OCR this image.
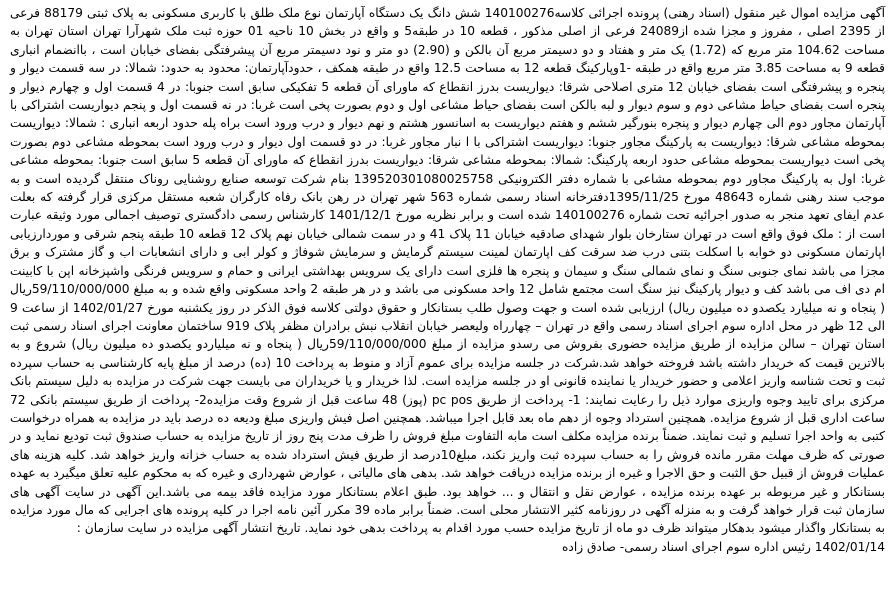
آگهی مزایده اموال غیر منقول (اسناد رهنی) پرونده اجرائی کلاسه140100276 شش دانگ یک دستگاه آپارتمان نوع ملک طلق با کاربری مسکونی به پلاک ثبتی 88179 فرعی از 2395 اصلی ، مفروز و مجزا شده از24089 فرعی از اصلی مذکور ، قطعه 10 در طبقه5 و واقع در بخش 10 ناحیه 01 حوزه ثبت ملک شهرآرا تهران استان تهران به مساحت 104.62 متر مربع که (1.72) یک متر و هفتاد و دو دسیمتر مربع آن بالکن و (2.90) دو متر و نود دسیمتر مربع آن پیشرفتگی بفضای خیابان است ، باانضمام انباری قطعه 9 به مساحت 3.85 متر مربع واقع در طبقه -1وپارکینگ قطعه 12 به مساحت 12.5 واقع در طبقه همکف ، حدودآپارتمان: محدود به حدود: شمالا: در سه قسمت دیوار و پنجره و پیشرفتگی است بفضای خیابان 12 متری اصلاحی شرقا: دیواریست بدرز انقطاع که ماورای آن قطعه 5 تفکیکی سابق است جنوبا: در 4 قسمت اول و چهارم دیوار و پنجره است بفضای حیاط مشاعی دوم و سوم دیوار و لبه بالکن است بفضای حیاط مشاعی اول و دوم بصورت پخی است غربا: در نه قسمت اول و پنجم دیواریست اشتراکی با آپارتمان مجاور دوم الی چهارم دیوار و پنجره بنورگیر ششم و هفتم دیواریست به اسانسور هشتم و نهم دیوار و درب ورود است براه پله حدود اربعه انباری : شمالا: دیواریست بمحوطه مشاعی شرقا: دیواریست به پارکینگ مجاور جنوبا: دیواریست اشتراکی با ا نبار مجاور غربا: در دو قسمت اول دیوار و درب ورود است بمحوطه مشاعی دوم بصورت پخی است دیواریست بمحوطه مشاعی حدود اربعه پارکینگ: شمالا: بمحوطه مشاعی شرقا: دیواریست بدرز انقطاع که ماورای آن قطعه 5 سابق است جنوبا: بمحوطه مشاعی غربا: اول به پارکینگ مجاور دوم بمحوطه مشاعی با شماره دفتر الکترونیکی 139520301080025758 بنام شرکت توسعه صنایع روشنایی روناک منتقل گردیده است و به موجب سند رهنی شماره 48643 مورخ 1395/11/25دفترخانه اسناد رسمی شماره 563 شهر تهران در رهن بانک رفاه کارگران شعبه مستقل مرکزی قرار گرفته که بعلت عدم ایفای تعهد منجر به صدور اجرائیه تحت شماره 140100276 شده است و برابر نظریه مورخ 1401/12/1 کارشناس رسمی دادگستری توصیف اجمالی مورد وثیقه عبارت است از : ملک فوق واقع است در تهران ستارخان بلوار شهدای صادقیه خیابان 11 پلاک 41 و در سمت شمالی خیابان نهم پلاک 12 قطعه 10 طبقه پنجم شرقی و موردارزیابی اپارتمان مسکونی دو خوابه با اسکلت بتنی درب ضد سرقت کف اپارتمان لمینت سیستم گرمایش و سرمایش شوفاژ و کولر ابی و دارای انشعابات اب و گاز مشترک و برق مجزا می باشد نمای جنوبی سنگ و نمای شمالی سنگ و سیمان و پنجره ها فلزی است دارای یک سرویس بهداشتی ایرانی و حمام و سرویس فرنگی واشپزخانه اپن با کابینت ام دی اف می باشد کف و دیوار پارکینگ نیز سنگ است مجتمع شامل 12 واحد مسکونی می باشد و در هر طبقه 2 واحد مسکونی واقع شده و به مبلغ 59/110/000/000ریال ( پنجاه و نه میلیارد یکصدو ده میلیون ریال) ارزیابی شده است و جهت وصول طلب بستانکار و حقوق دولتی کلاسه فوق الذکر در روز یکشنبه مورخ 1402/01/27 از ساعت 9 الی 12 ظهر در محل اداره سوم اجرای اسناد رسمی واقع در تهران – چهارراه ولیعصر خیابان انقلاب نبش برادران مظفر پلاک 919 ساختمان معاونت اجرای اسناد رسمی ثبت استان تهران – سالن مزایده از طریق مزایده حضوری بفروش می رسدو مزایده از مبلغ 59/110/000/000ریال ( پنجاه و نه میلیاردو یکصدو ده میلیون ریال) شروع و به بالاترین قیمت که خریدار داشته باشد فروخته خواهد شد.شرکت در جلسه مزایده برای عموم آزاد و منوط به پرداخت 10 (ده) درصد از مبلغ پایه کارشناسی به حساب سپرده ثبت و تحت شناسه واریز اعلامی و حضور خریدار یا نماینده قانونی او در جلسه مزایده است. لذا خریدار و یا خریداران می بایست جهت شرکت در مزایده به دلیل سیستم بانک مرکزی برای تایید وجوه واریزی موارد ذیل را رعایت نمایند: 1- پرداخت از طریق pc pos (پوز) 48 ساعت قبل از شروع وقت مزایده2- پرداخت از طریق سیستم بانکی 72 ساعت اداری قبل از شروع مزایده. همچنین استرداد وجوه از دهم ماه بعد قابل اجرا میباشد. همچنین اصل فیش واریزی مبلغ ودیعه ده درصد باید در مزایده به همراه درخواست کتبی به واحد اجرا تسلیم و ثبت نمایند. ضمناً برنده مزایده مکلف است مابه التفاوت مبلغ فروش را ظرف مدت پنج روز از تاریخ مزایده به حساب صندوق ثبت تودیع نماید و در صورتی که ظرف مهلت مقرر مانده فروش را به حساب سپرده ثبت واریز نکند، مبلغ10درصد از طریق فیش استرداد شده به حساب خزانه واریز خواهد شد. کلیه هزینه های عملیات فروش از قبیل حق الثبت و حق الاجرا و غیره از برنده مزایده دریافت خواهد شد. بدهی های مالیاتی ، عوارض شهرداری و غیره که به محکوم علیه تعلق میگیرد به عهده بستانکار و غیر مربوطه بر عهده برنده مزایده ، عوارض نقل و انتقال و ... خواهد بود. طبق اعلام بستانکار مورد مزایده فاقد بیمه می باشد.این آگهی در سایت آگهی های سازمان ثبت قرار خواهد گرفت و به منزله آگهی در روزنامه کثیر الانتشار محلی است. ضمناً برابر ماده 39 مکرر آئین نامه اجرا در کلیه پرونده های اجرایی که مال مورد مزایده به بستانکار واگذار میشود بدهکار میتواند ظرف دو ماه از تاریخ مزایده حسب مورد اقدام به پرداخت بدهی خود نماید. تاریخ انتشار آگهی مزایده در سایت سازمان :

1402/01/14 رئیس اداره سوم اجرای اسناد رسمی- صادق زاده
